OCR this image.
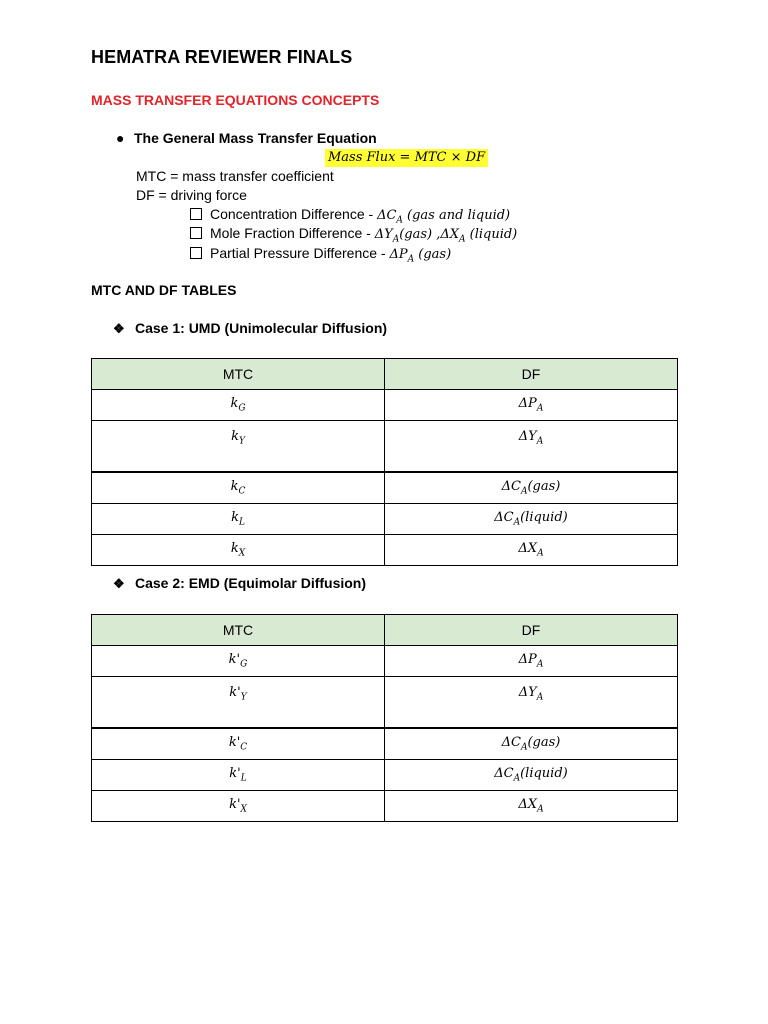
HEMATRA REVIEWER FINALS
MASS TRANSFER EQUATIONS CONCEPTS
● The General Mass Transfer Equation
Mass Flux = MTC × DF
MTC = mass transfer coefficient
DF = driving force
Concentration Difference - $\Delta C_A$ (gas and liquid)
Mole Fraction Difference - $\Delta Y_A(gas)$ $,\Delta X_A$ (liquid)
Partial Pressure Difference - $\Delta P_A$ (gas)
MTC AND DF TABLES
❖ Case 1: UMD (Unimolecular Diffusion)
MTC	DF
$k_G$	$\Delta P_A$
$k_Y$	$\Delta Y_A$
$k_C$	$\Delta C_A(gas)$
$k_L$	$\Delta C_A(liquid)$
$k_X$	$\Delta X_A$
❖ Case 2: EMD (Equimolar Diffusion)
MTC	DF
$k'_G$	$\Delta P_A$
$k'_Y$	$\Delta Y_A$
$k'_C$	$\Delta C_A(gas)$
$k'_L$	$\Delta C_A(liquid)$
$k'_X$	$\Delta X_A$
